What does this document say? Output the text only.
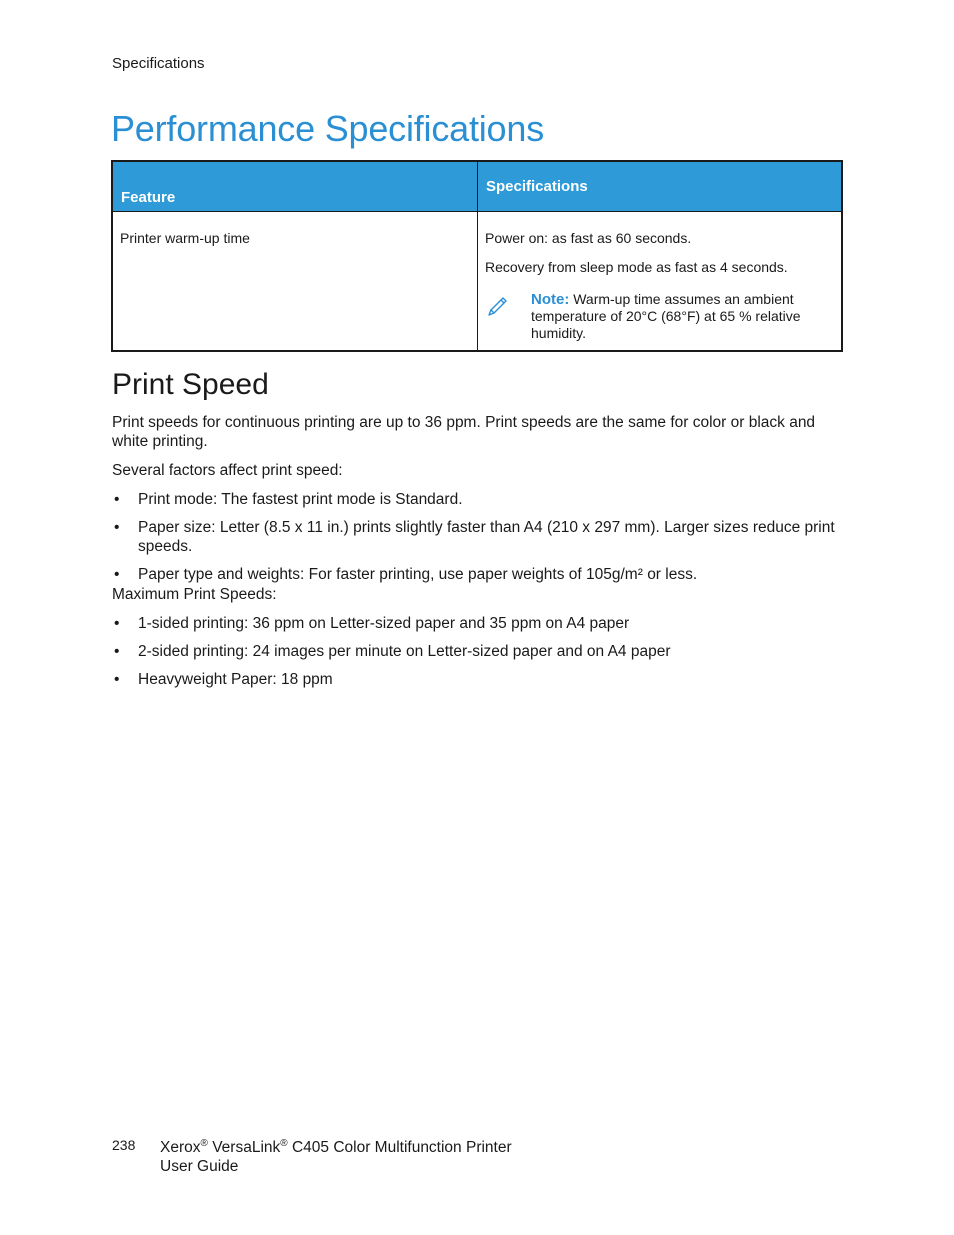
Specifications
Performance Specifications
Feature	Specifications
Printer warm-up time	Power on: as fast as 60 seconds.

Recovery from sleep mode as fast as 4 seconds.

Note: Warm-up time assumes an ambient temperature of 20°C (68°F) at 65 % relative humidity.
Print Speed

Print speeds for continuous printing are up to 36 ppm. Print speeds are the same for color or black and white printing.

Several factors affect print speed:

• Print mode: The fastest print mode is Standard.
• Paper size: Letter (8.5 x 11 in.) prints slightly faster than A4 (210 x 297 mm). Larger sizes reduce print speeds.
• Paper type and weights: For faster printing, use paper weights of 105g/m² or less.

Maximum Print Speeds:

• 1-sided printing: 36 ppm on Letter-sized paper and 35 ppm on A4 paper
• 2-sided printing: 24 images per minute on Letter-sized paper and on A4 paper
• Heavyweight Paper: 18 ppm
238 Xerox® VersaLink® C405 Color Multifunction Printer
User Guide
